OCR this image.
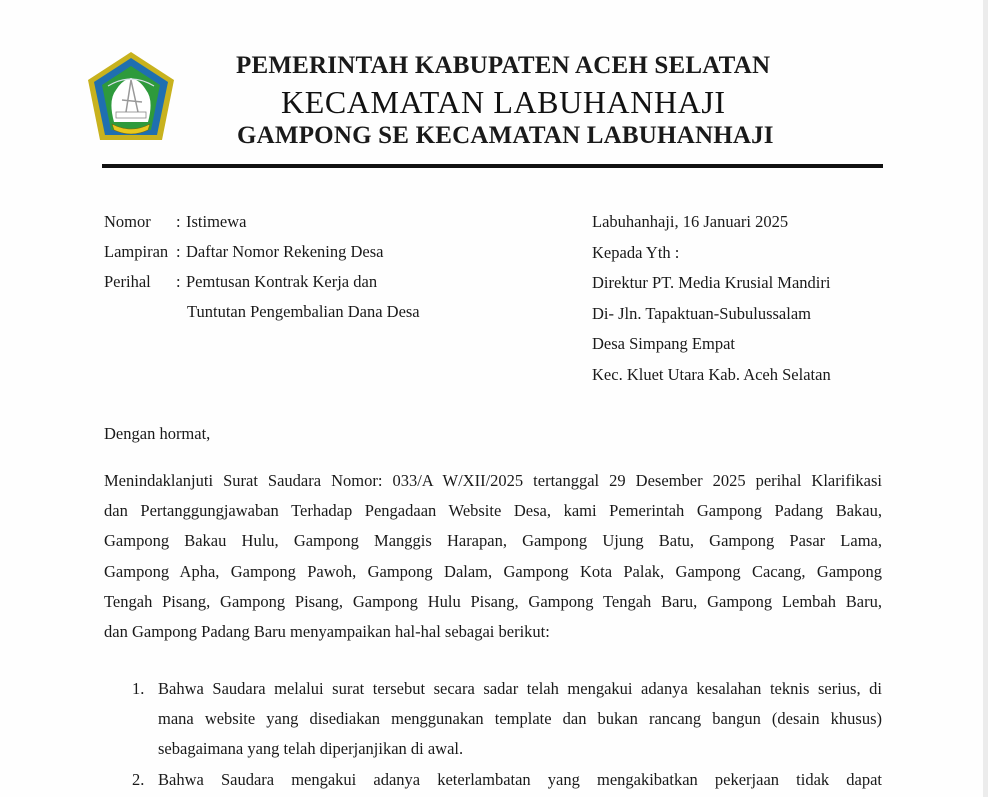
PEMERINTAH KABUPATEN ACEH SELATAN
KECAMATAN LABUHANHAJI
GAMPONG SE KECAMATAN LABUHANHAJI
Nomor	: Istimewa
Lampiran : Daftar Nomor Rekening Desa
Perihal	: Pemtusan Kontrak Kerja dan
Tuntutan Pengembalian Dana Desa
Labuhanhaji, 16 Januari 2025
Kepada Yth :
Direktur PT. Media Krusial Mandiri
Di- Jln. Tapaktuan-Subulussalam
Desa Simpang Empat
Kec. Kluet Utara Kab. Aceh Selatan
Dengan hormat,
Menindaklanjuti Surat Saudara Nomor: 033/A W/XII/2025 tertanggal 29 Desember 2025 perihal Klarifikasi
dan Pertanggungjawaban Terhadap Pengadaan Website Desa, kami Pemerintah Gampong Padang Bakau,
Gampong Bakau Hulu, Gampong Manggis Harapan, Gampong Ujung Batu, Gampong Pasar Lama,
Gampong Apha, Gampong Pawoh, Gampong Dalam, Gampong Kota Palak, Gampong Cacang, Gampong
Tengah Pisang, Gampong Pisang, Gampong Hulu Pisang, Gampong Tengah Baru, Gampong Lembah Baru,
dan Gampong Padang Baru menyampaikan hal-hal sebagai berikut:
1. Bahwa Saudara melalui surat tersebut secara sadar telah mengakui adanya kesalahan teknis serius, di
mana website yang disediakan menggunakan template dan bukan rancang bangun (desain khusus)
sebagaimana yang telah diperjanjikan di awal.
2. Bahwa Saudara mengakui adanya keterlambatan yang mengakibatkan pekerjaan tidak dapat
